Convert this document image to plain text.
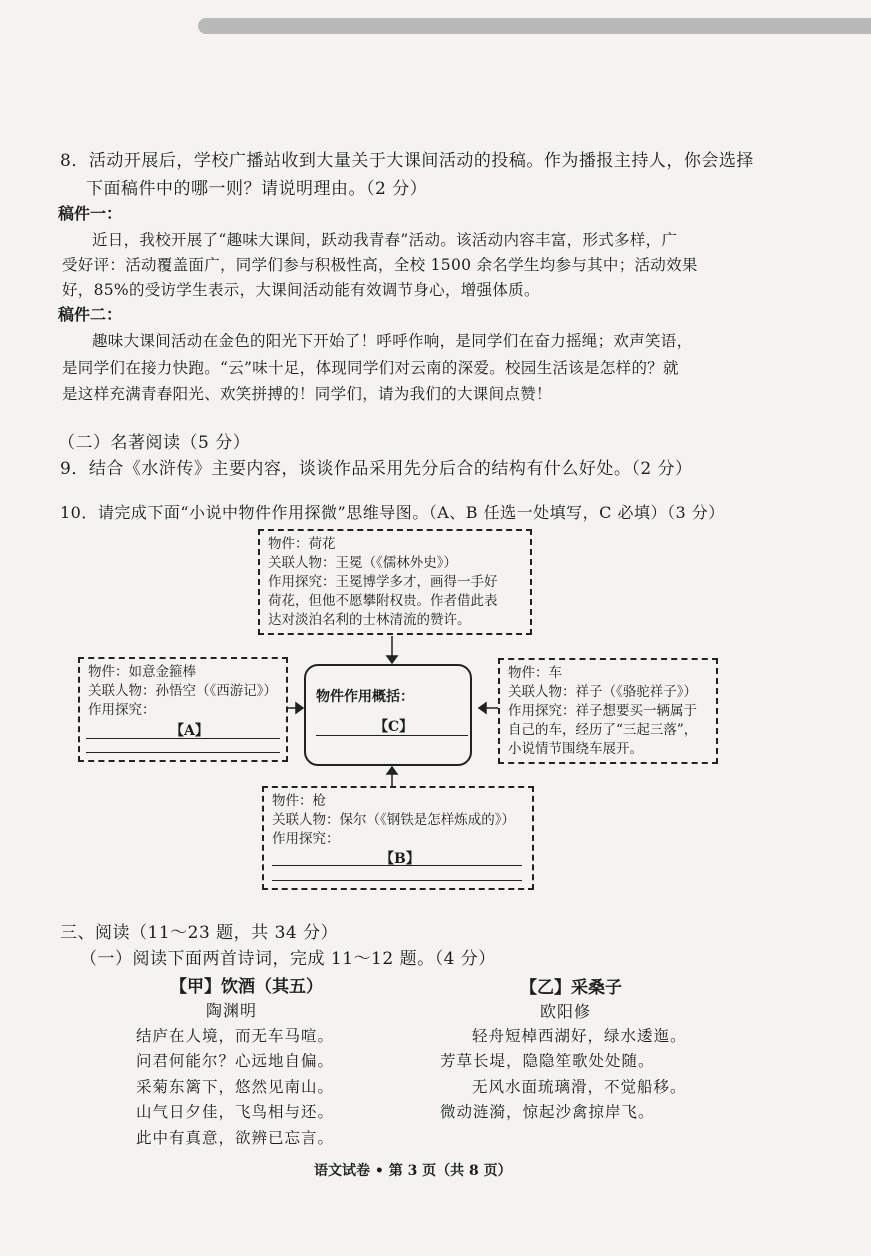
8．活动开展后，学校广播站收到大量关于大课间活动的投稿。作为播报主持人，你会选择
下面稿件中的哪一则？请说明理由。（2 分）
稿件一：
近日，我校开展了“趣味大课间，跃动我青春”活动。该活动内容丰富，形式多样，广
受好评：活动覆盖面广，同学们参与积极性高，全校 1500 余名学生均参与其中；活动效果
好，85%的受访学生表示，大课间活动能有效调节身心，增强体质。
稿件二：
趣味大课间活动在金色的阳光下开始了！呼呼作响，是同学们在奋力摇绳；欢声笑语，
是同学们在接力快跑。“云”味十足，体现同学们对云南的深爱。校园生活该是怎样的？就
是这样充满青春阳光、欢笑拼搏的！同学们，请为我们的大课间点赞！
（二）名著阅读（5 分）
9．结合《水浒传》主要内容，谈谈作品采用先分后合的结构有什么好处。（2 分）
10．请完成下面“小说中物件作用探微”思维导图。（A、B 任选一处填写，C 必填）（3 分）
物件：荷花
关联人物：王冕（《儒林外史》）
作用探究：王冕博学多才，画得一手好
荷花，但他不愿攀附权贵。作者借此表
达对淡泊名利的士林清流的赞许。
物件：如意金箍棒
关联人物：孙悟空（《西游记》）
作用探究：
【A】
物件作用概括：
【C】
物件：车
关联人物：祥子（《骆驼祥子》）
作用探究：祥子想要买一辆属于
自己的车，经历了“三起三落”，
小说情节围绕车展开。
物件：枪
关联人物：保尔（《钢铁是怎样炼成的》）
作用探究：
【B】
三、阅读（11～23 题，共 34 分）
（一）阅读下面两首诗词，完成 11～12 题。（4 分）
【甲】饮酒（其五）
陶渊明
结庐在人境，而无车马喧。
问君何能尔？心远地自偏。
采菊东篱下，悠然见南山。
山气日夕佳，飞鸟相与还。
此中有真意，欲辨已忘言。
【乙】采桑子
欧阳修
轻舟短棹西湖好，绿水逶迤。
芳草长堤，隐隐笙歌处处随。
无风水面琉璃滑，不觉船移。
微动涟漪，惊起沙禽掠岸飞。
语文试卷 • 第 3 页（共 8 页）
